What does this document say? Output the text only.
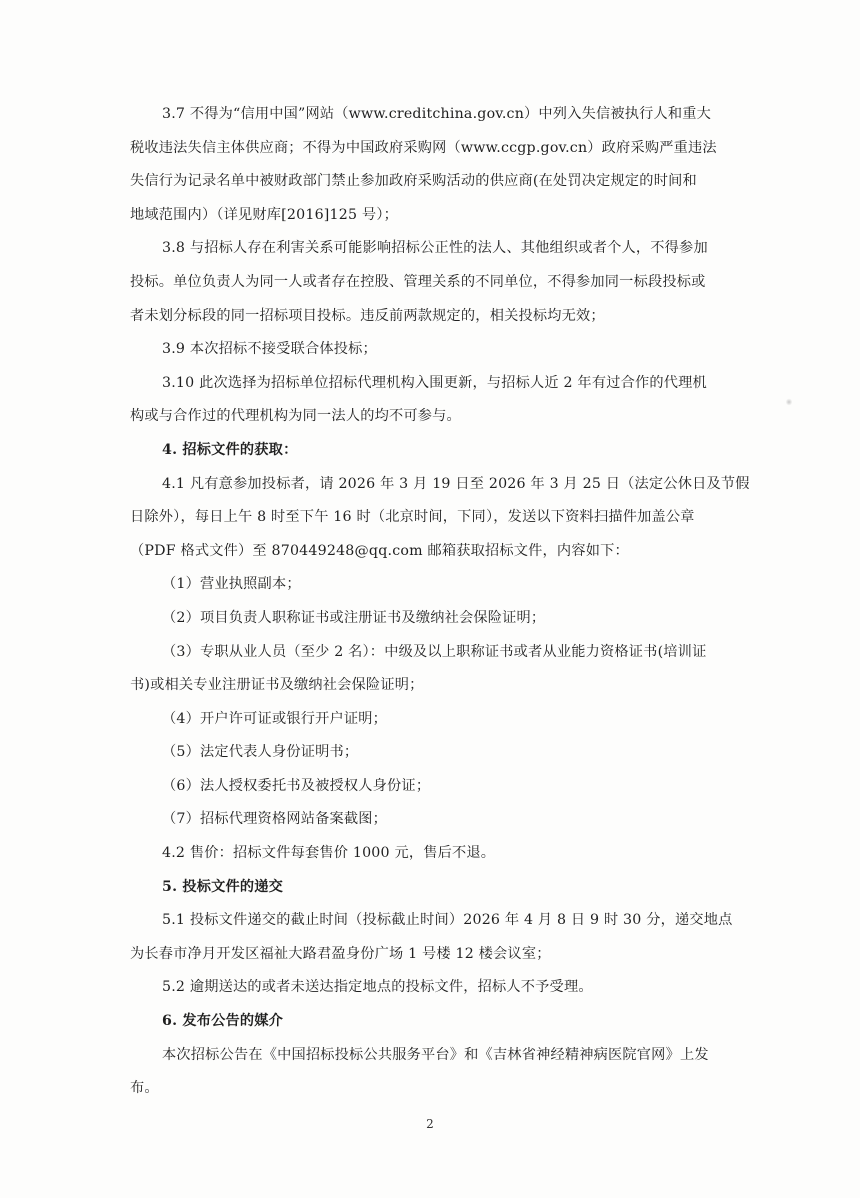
3.7 不得为“信用中国”网站（www.creditchina.gov.cn）中列入失信被执行人和重大

税收违法失信主体供应商；不得为中国政府采购网（www.ccgp.gov.cn）政府采购严重违法

失信行为记录名单中被财政部门禁止参加政府采购活动的供应商(在处罚决定规定的时间和

地域范围内）（详见财库[2016]125 号）；

3.8 与招标人存在利害关系可能影响招标公正性的法人、其他组织或者个人，不得参加

投标。单位负责人为同一人或者存在控股、管理关系的不同单位，不得参加同一标段投标或

者未划分标段的同一招标项目投标。违反前两款规定的，相关投标均无效；

3.9 本次招标不接受联合体投标；

3.10 此次选择为招标单位招标代理机构入围更新，与招标人近 2 年有过合作的代理机

构或与合作过的代理机构为同一法人的均不可参与。

4. 招标文件的获取：

4.1 凡有意参加投标者，请 2026 年 3 月 19 日至 2026 年 3 月 25 日（法定公休日及节假

日除外），每日上午 8 时至下午 16 时（北京时间，下同），发送以下资料扫描件加盖公章

（PDF 格式文件）至 870449248@qq.com 邮箱获取招标文件，内容如下：

（1）营业执照副本；

（2）项目负责人职称证书或注册证书及缴纳社会保险证明；

（3）专职从业人员（至少 2 名）：中级及以上职称证书或者从业能力资格证书(培训证

书)或相关专业注册证书及缴纳社会保险证明；

（4）开户许可证或银行开户证明；

（5）法定代表人身份证明书；

（6）法人授权委托书及被授权人身份证；

（7）招标代理资格网站备案截图；

4.2 售价：招标文件每套售价 1000 元，售后不退。

5. 投标文件的递交

5.1 投标文件递交的截止时间（投标截止时间）2026 年 4 月 8 日 9 时 30 分，递交地点

为长春市净月开发区福祉大路君盈身份广场 1 号楼 12 楼会议室；

5.2 逾期送达的或者未送达指定地点的投标文件，招标人不予受理。

6. 发布公告的媒介

本次招标公告在《中国招标投标公共服务平台》和《吉林省神经精神病医院官网》上发

布。

2
